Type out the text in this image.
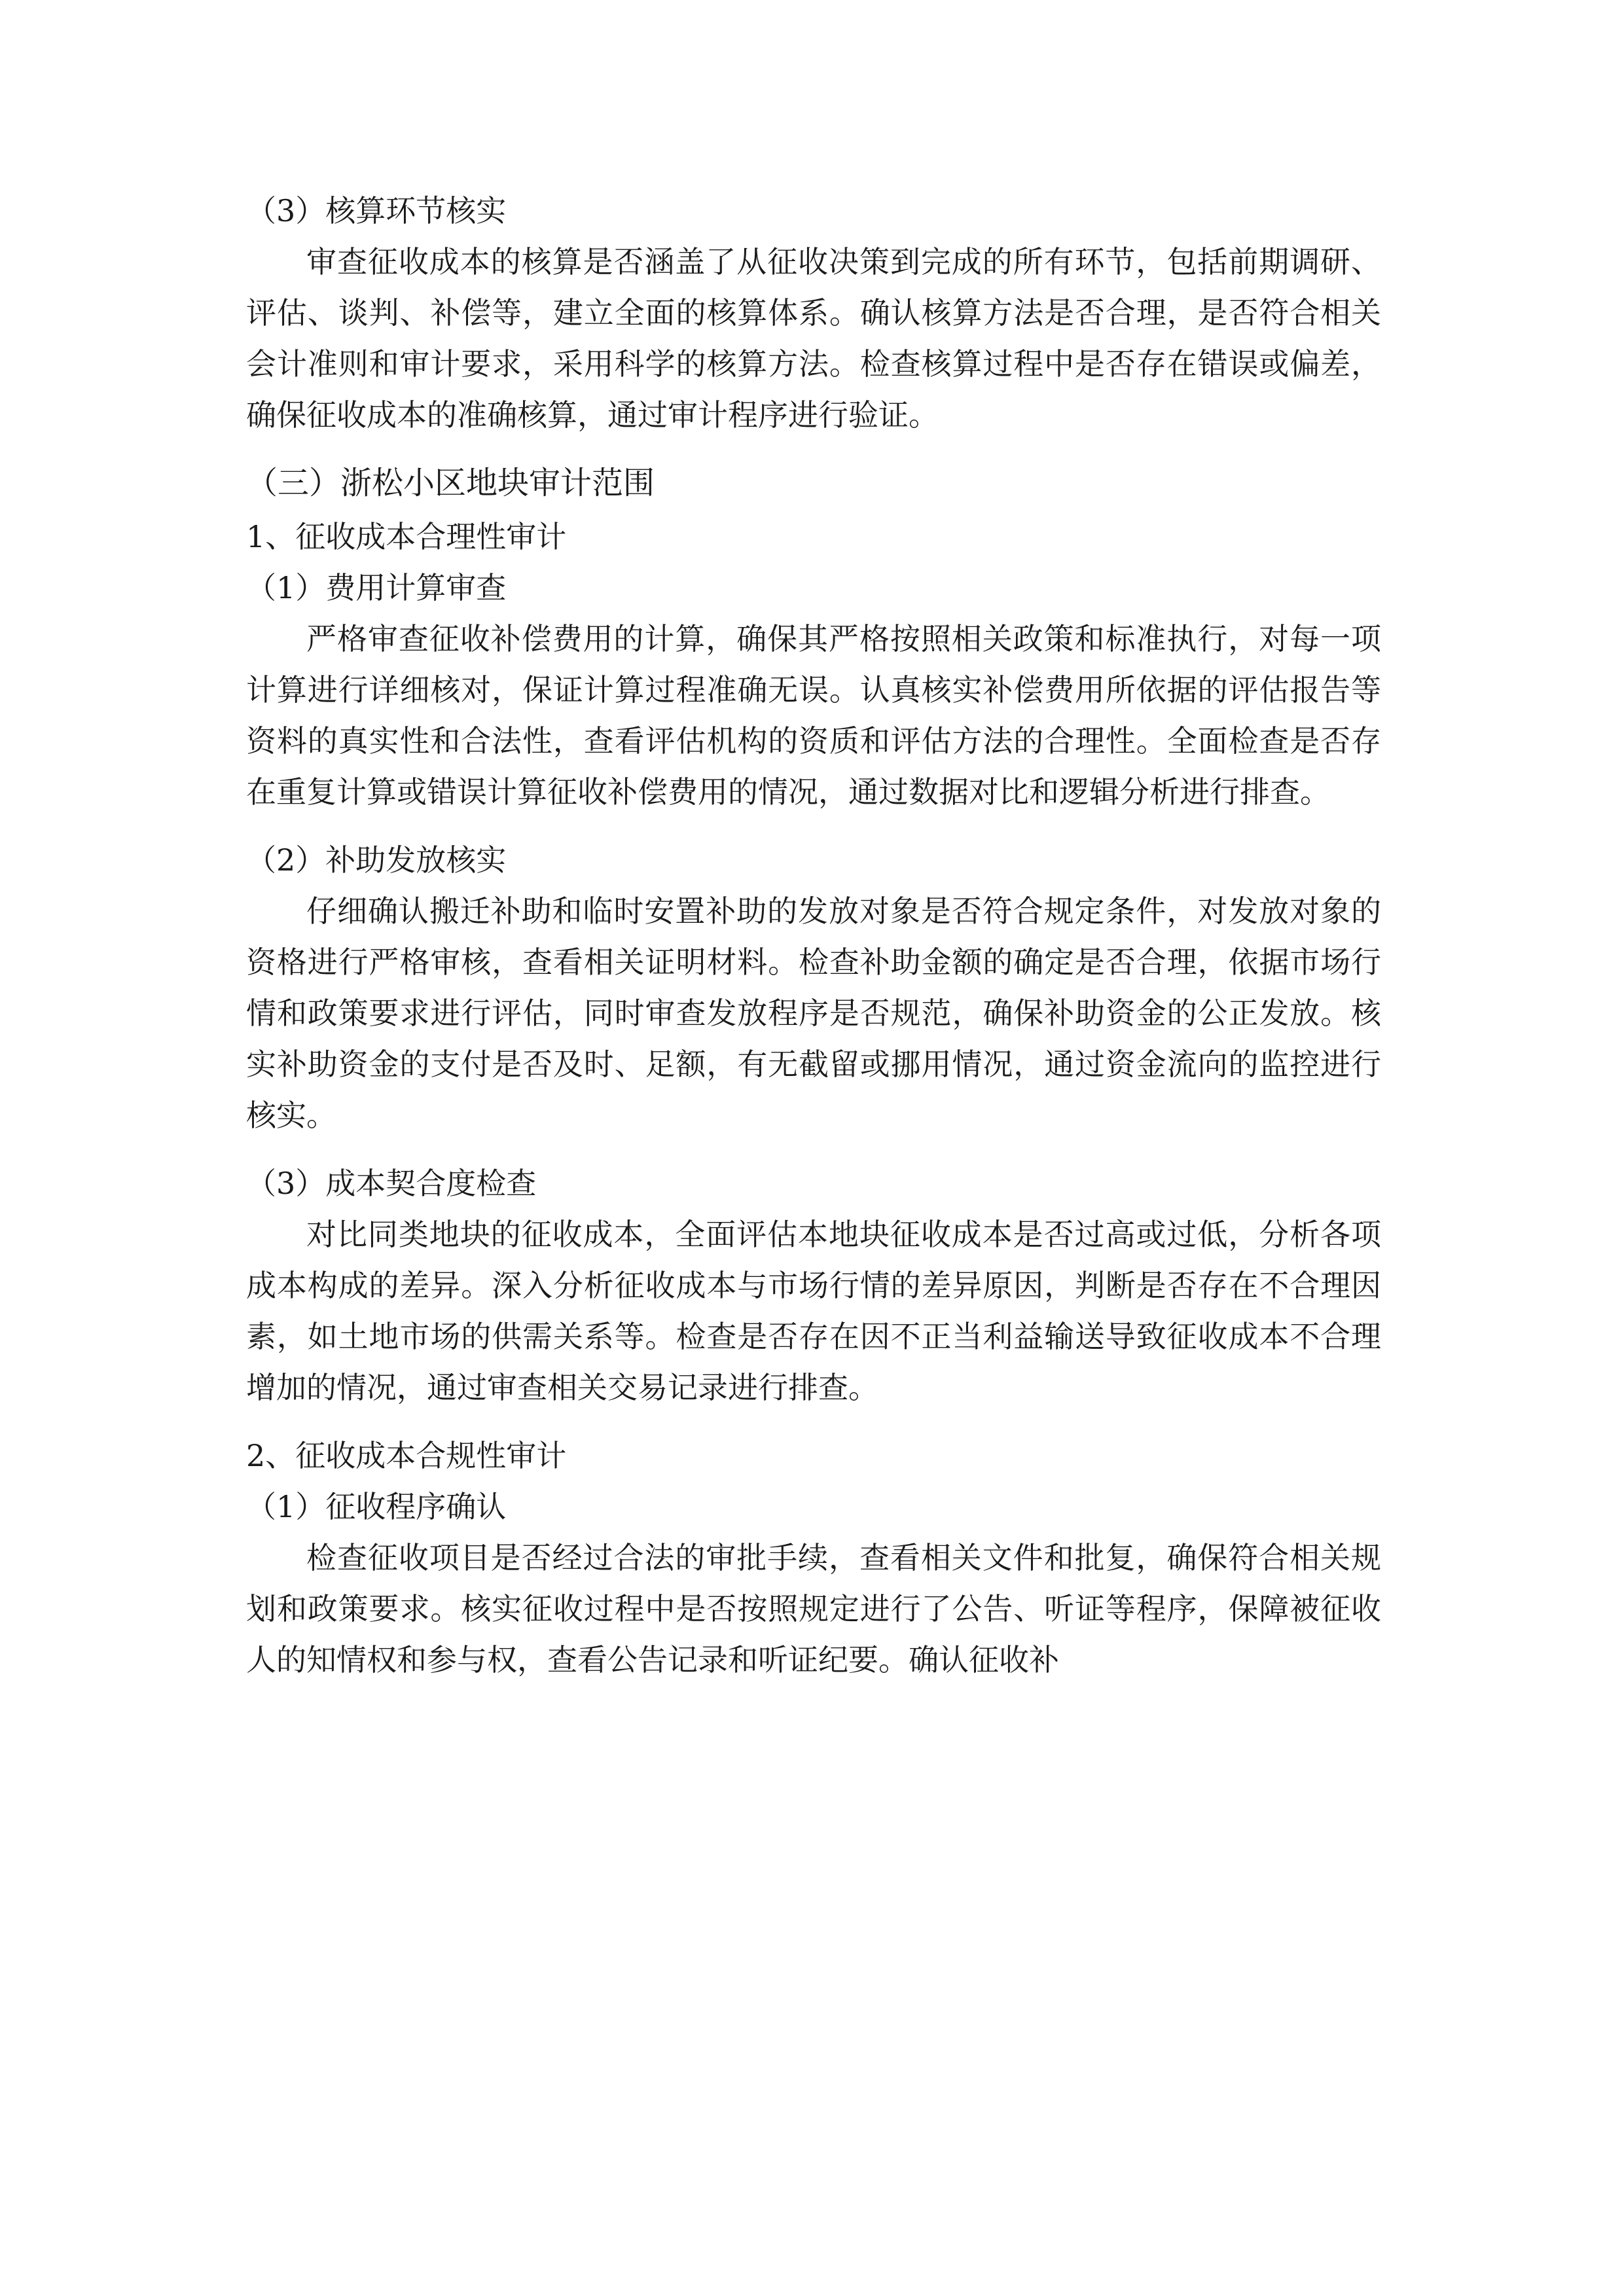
（3）核算环节核实

审查征收成本的核算是否涵盖了从征收决策到完成的所有环节，包括前期调研、评估、谈判、补偿等，建立全面的核算体系。确认核算方法是否合理，是否符合相关会计准则和审计要求，采用科学的核算方法。检查核算过程中是否存在错误或偏差，确保征收成本的准确核算，通过审计程序进行验证。

（三）浙松小区地块审计范围

1、征收成本合理性审计

（1）费用计算审查

严格审查征收补偿费用的计算，确保其严格按照相关政策和标准执行，对每一项计算进行详细核对，保证计算过程准确无误。认真核实补偿费用所依据的评估报告等资料的真实性和合法性，查看评估机构的资质和评估方法的合理性。全面检查是否存在重复计算或错误计算征收补偿费用的情况，通过数据对比和逻辑分析进行排查。

（2）补助发放核实

仔细确认搬迁补助和临时安置补助的发放对象是否符合规定条件，对发放对象的资格进行严格审核，查看相关证明材料。检查补助金额的确定是否合理，依据市场行情和政策要求进行评估，同时审查发放程序是否规范，确保补助资金的公正发放。核实补助资金的支付是否及时、足额，有无截留或挪用情况，通过资金流向的监控进行核实。

（3）成本契合度检查

对比同类地块的征收成本，全面评估本地块征收成本是否过高或过低，分析各项成本构成的差异。深入分析征收成本与市场行情的差异原因，判断是否存在不合理因素，如土地市场的供需关系等。检查是否存在因不正当利益输送导致征收成本不合理增加的情况，通过审查相关交易记录进行排查。

2、征收成本合规性审计

（1）征收程序确认

检查征收项目是否经过合法的审批手续，查看相关文件和批复，确保符合相关规划和政策要求。核实征收过程中是否按照规定进行了公告、听证等程序，保障被征收人的知情权和参与权，查看公告记录和听证纪要。确认征收补
